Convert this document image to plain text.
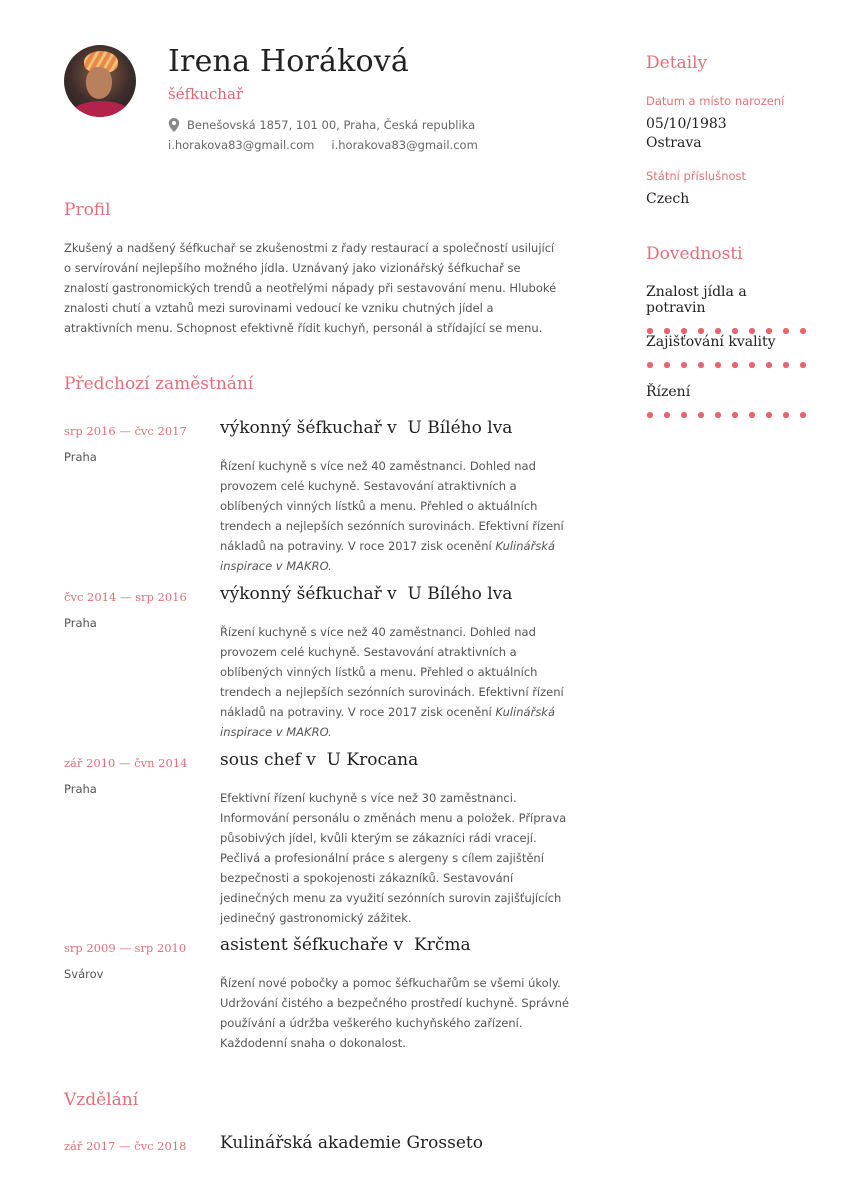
Irena Horáková
šéfkuchař
Benešovská 1857, 101 00, Praha, Česká republika
i.horakova83@gmail.com i.horakova83@gmail.com
Profil
Zkušený a nadšený šéfkuchař se zkušenostmi z řady restaurací a společností usilující o servírování nejlepšího možného jídla. Uznávaný jako vizionářský šéfkuchař se znalostí gastronomických trendů a neotřelými nápady při sestavování menu. Hluboké znalosti chutí a vztahů mezi surovinami vedoucí ke vzniku chutných jídel a atraktivních menu. Schopnost efektivně řídit kuchyň, personál a střídající se menu.
Předchozí zaměstnání
srp 2016 — čvc 2017
Praha
výkonný šéfkuchař v  U Bílého lva
Řízení kuchyně s více než 40 zaměstnanci. Dohled nad provozem celé kuchyně. Sestavování atraktivních a oblíbených vinných lístků a menu. Přehled o aktuálních trendech a nejlepších sezónních surovinách. Efektivní řízení nákladů na potraviny. V roce 2017 zisk ocenění Kulinářská inspirace v MAKRO.
čvc 2014 — srp 2016
Praha
výkonný šéfkuchař v  U Bílého lva
Řízení kuchyně s více než 40 zaměstnanci. Dohled nad provozem celé kuchyně. Sestavování atraktivních a oblíbených vinných lístků a menu. Přehled o aktuálních trendech a nejlepších sezónních surovinách. Efektivní řízení nákladů na potraviny. V roce 2017 zisk ocenění Kulinářská inspirace v MAKRO.
zář 2010 — čvn 2014
Praha
sous chef v  U Krocana
Efektivní řízení kuchyně s více než 30 zaměstnanci. Informování personálu o změnách menu a položek. Příprava působivých jídel, kvůli kterým se zákazníci rádi vracejí. Pečlivá a profesionální práce s alergeny s cílem zajištění bezpečnosti a spokojenosti zákazníků. Sestavování jedinečných menu za využití sezónních surovin zajišťujících jedinečný gastronomický zážitek.
srp 2009 — srp 2010
Svárov
asistent šéfkuchaře v  Krčma
Řízení nové pobočky a pomoc šéfkuchařům se všemi úkoly. Udržování čistého a bezpečného prostředí kuchyně. Správné používání a údržba veškerého kuchyňského zařízení. Každodenní snaha o dokonalost.
Vzdělání
zář 2017 — čvc 2018 Kulinářská akademie Grosseto
Detaily
Datum a místo narození
05/10/1983
Ostrava
Státní příslušnost
Czech
Dovednosti
Znalost jídla a potravin
Zajišťování kvality
Řízení
